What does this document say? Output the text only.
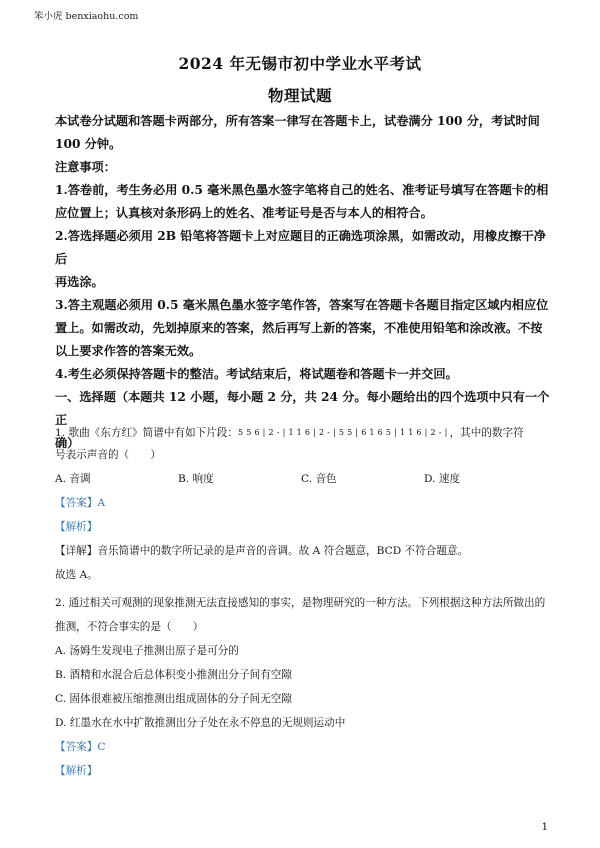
笨小虎 benxiaohu.com
2024 年无锡市初中学业水平考试
物理试题

本试卷分试题和答题卡两部分，所有答案一律写在答题卡上，试卷满分 100 分，考试时间

100 分钟。

注意事项：

1.答卷前，考生务必用 0.5 毫米黑色墨水签字笔将自己的姓名、准考证号填写在答题卡的相

应位置上；认真核对条形码上的姓名、准考证号是否与本人的相符合。

2.答选择题必须用 2B 铅笔将答题卡上对应题目的正确选项涂黑，如需改动，用橡皮擦干净后

再选涂。

3.答主观题必须用 0.5 毫米黑色墨水签字笔作答，答案写在答题卡各题目指定区域内相应位

置上。如需改动，先划掉原来的答案，然后再写上新的答案，不准使用铅笔和涂改液。不按

以上要求作答的答案无效。

4.考生必须保持答题卡的整洁。考试结束后，将试题卷和答题卡一并交回。

一、选择题（本题共 12 小题，每小题 2 分，共 24 分。每小题给出的四个选项中只有一个正

确）

1. 歌曲《东方红》简谱中有如下片段： 5 5 6 | 2 - | 1 1 6 | 2 - | 5 5 | 6 1 6 5 | 1 1 6 | 2 - | ，其中的数字符

号表示声音的（　　）

A. 音调	B. 响度	C. 音色	D. 速度

【答案】A

【解析】

【详解】音乐简谱中的数字所记录的是声音的音调。故 A 符合题意，BCD 不符合题意。

故选 A。

2. 通过相关可观测的现象推测无法直接感知的事实，是物理研究的一种方法。下列根据这种方法所做出的

推测，不符合事实的是（　　）

A. 汤姆生发现电子推测出原子是可分的

B. 酒精和水混合后总体积变小推测出分子间有空隙

C. 固体很难被压缩推测出组成固体的分子间无空隙

D. 红墨水在水中扩散推测出分子处在永不停息的无规则运动中

【答案】C

【解析】

1
